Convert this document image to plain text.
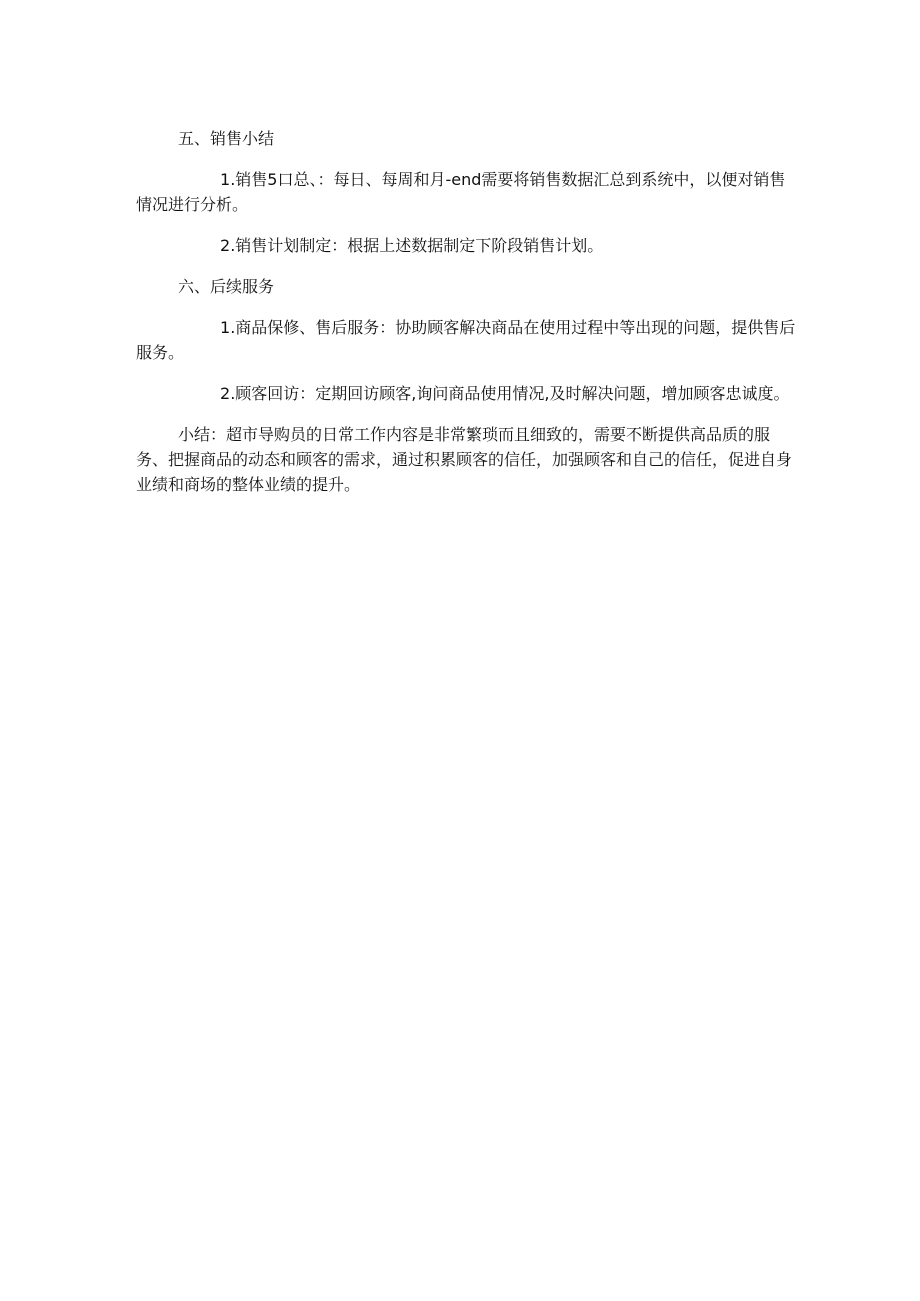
五、销售小结

1.销售5口总、：每日、每周和月-end需要将销售数据汇总到系统中，以便对销售情况进行分析。

2.销售计划制定：根据上述数据制定下阶段销售计划。

六、后续服务

1.商品保修、售后服务：协助顾客解决商品在使用过程中等出现的问题，提供售后服务。

2.顾客回访：定期回访顾客,询问商品使用情况,及时解决问题，增加顾客忠诚度。

小结：超市导购员的日常工作内容是非常繁琐而且细致的，需要不断提供高品质的服务、把握商品的动态和顾客的需求，通过积累顾客的信任，加强顾客和自己的信任，促进自身业绩和商场的整体业绩的提升。
